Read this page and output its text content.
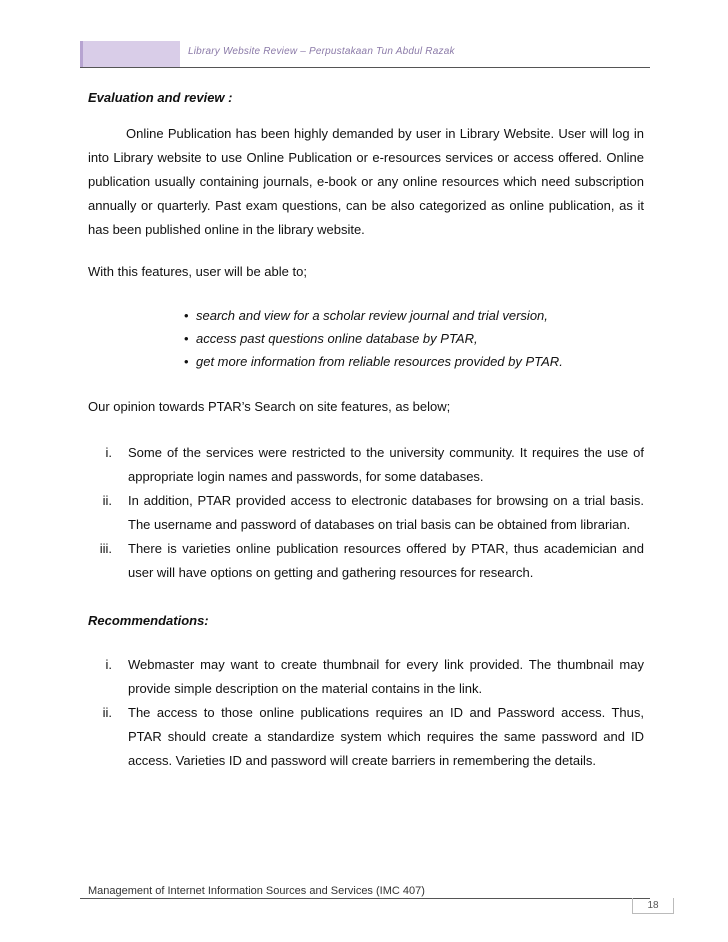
Library Website Review – Perpustakaan Tun Abdul Razak

Evaluation and review :

Online Publication has been highly demanded by user in Library Website. User will log in into Library website to use Online Publication or e-resources services or access offered. Online publication usually containing journals, e-book or any online resources which need subscription annually or quarterly. Past exam questions, can be also categorized as online publication, as it has been published online in the library website.

With this features, user will be able to;

• search and view for a scholar review journal and trial version,
• access past questions online database by PTAR,
• get more information from reliable resources provided by PTAR.

Our opinion towards PTAR’s Search on site features, as below;

i. Some of the services were restricted to the university community. It requires the use of appropriate login names and passwords, for some databases.
ii. In addition, PTAR provided access to electronic databases for browsing on a trial basis. The username and password of databases on trial basis can be obtained from librarian.
iii. There is varieties online publication resources offered by PTAR, thus academician and user will have options on getting and gathering resources for research.

Recommendations:

i. Webmaster may want to create thumbnail for every link provided. The thumbnail may provide simple description on the material contains in the link.
ii. The access to those online publications requires an ID and Password access. Thus, PTAR should create a standardize system which requires the same password and ID access. Varieties ID and password will create barriers in remembering the details.
Management of Internet Information Sources and Services (IMC 407)
18
